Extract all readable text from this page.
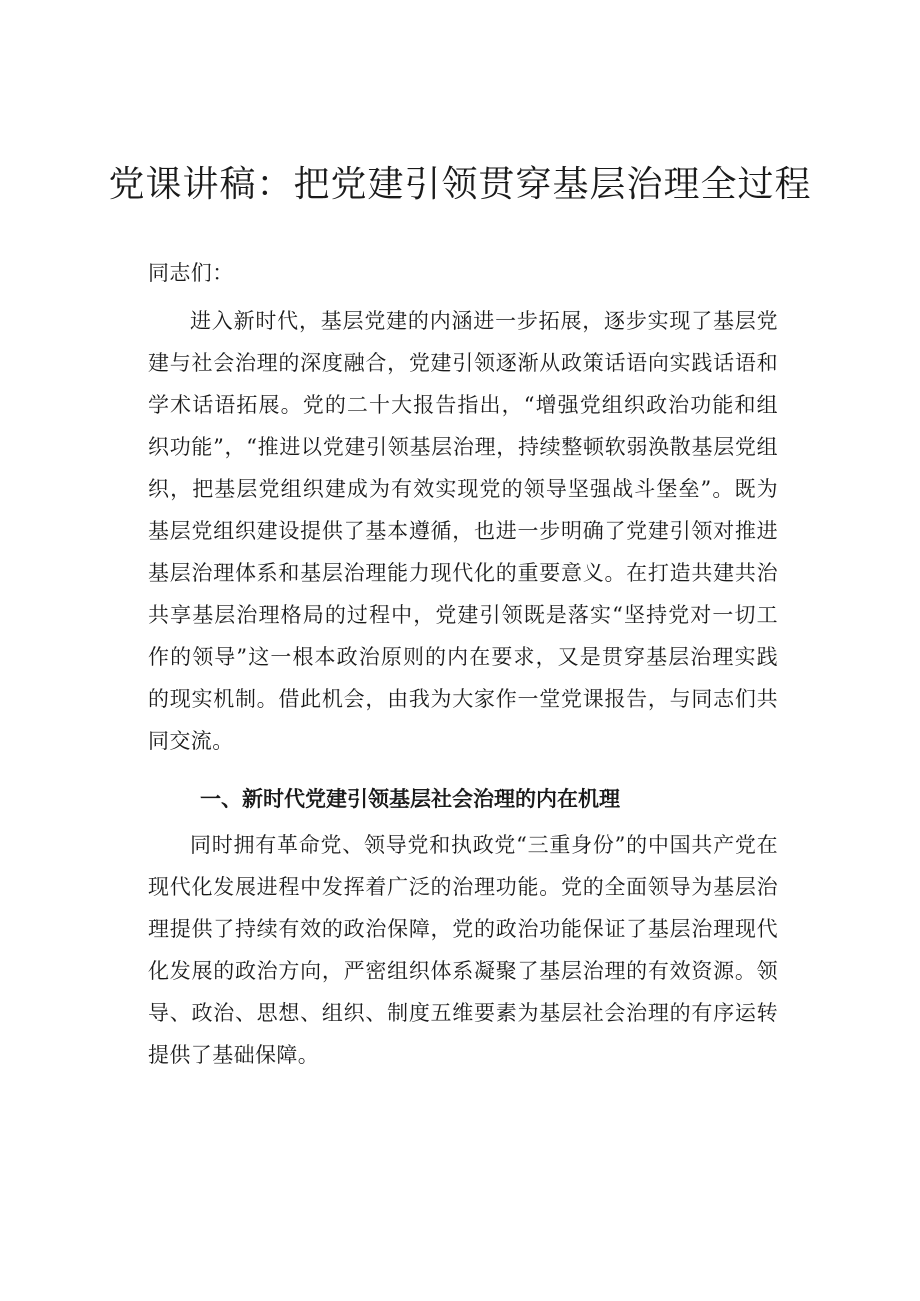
党课讲稿：把党建引领贯穿基层治理全过程

同志们：

进入新时代，基层党建的内涵进一步拓展，逐步实现了基层党建与社会治理的深度融合，党建引领逐渐从政策话语向实践话语和学术话语拓展。党的二十大报告指出，“增强党组织政治功能和组织功能”，“推进以党建引领基层治理，持续整顿软弱涣散基层党组织，把基层党组织建成为有效实现党的领导坚强战斗堡垒”。既为基层党组织建设提供了基本遵循，也进一步明确了党建引领对推进基层治理体系和基层治理能力现代化的重要意义。在打造共建共治共享基层治理格局的过程中，党建引领既是落实“坚持党对一切工作的领导”这一根本政治原则的内在要求，又是贯穿基层治理实践的现实机制。借此机会，由我为大家作一堂党课报告，与同志们共同交流。

一、新时代党建引领基层社会治理的内在机理

同时拥有革命党、领导党和执政党“三重身份”的中国共产党在现代化发展进程中发挥着广泛的治理功能。党的全面领导为基层治理提供了持续有效的政治保障，党的政治功能保证了基层治理现代化发展的政治方向，严密组织体系凝聚了基层治理的有效资源。领导、政治、思想、组织、制度五维要素为基层社会治理的有序运转提供了基础保障。
